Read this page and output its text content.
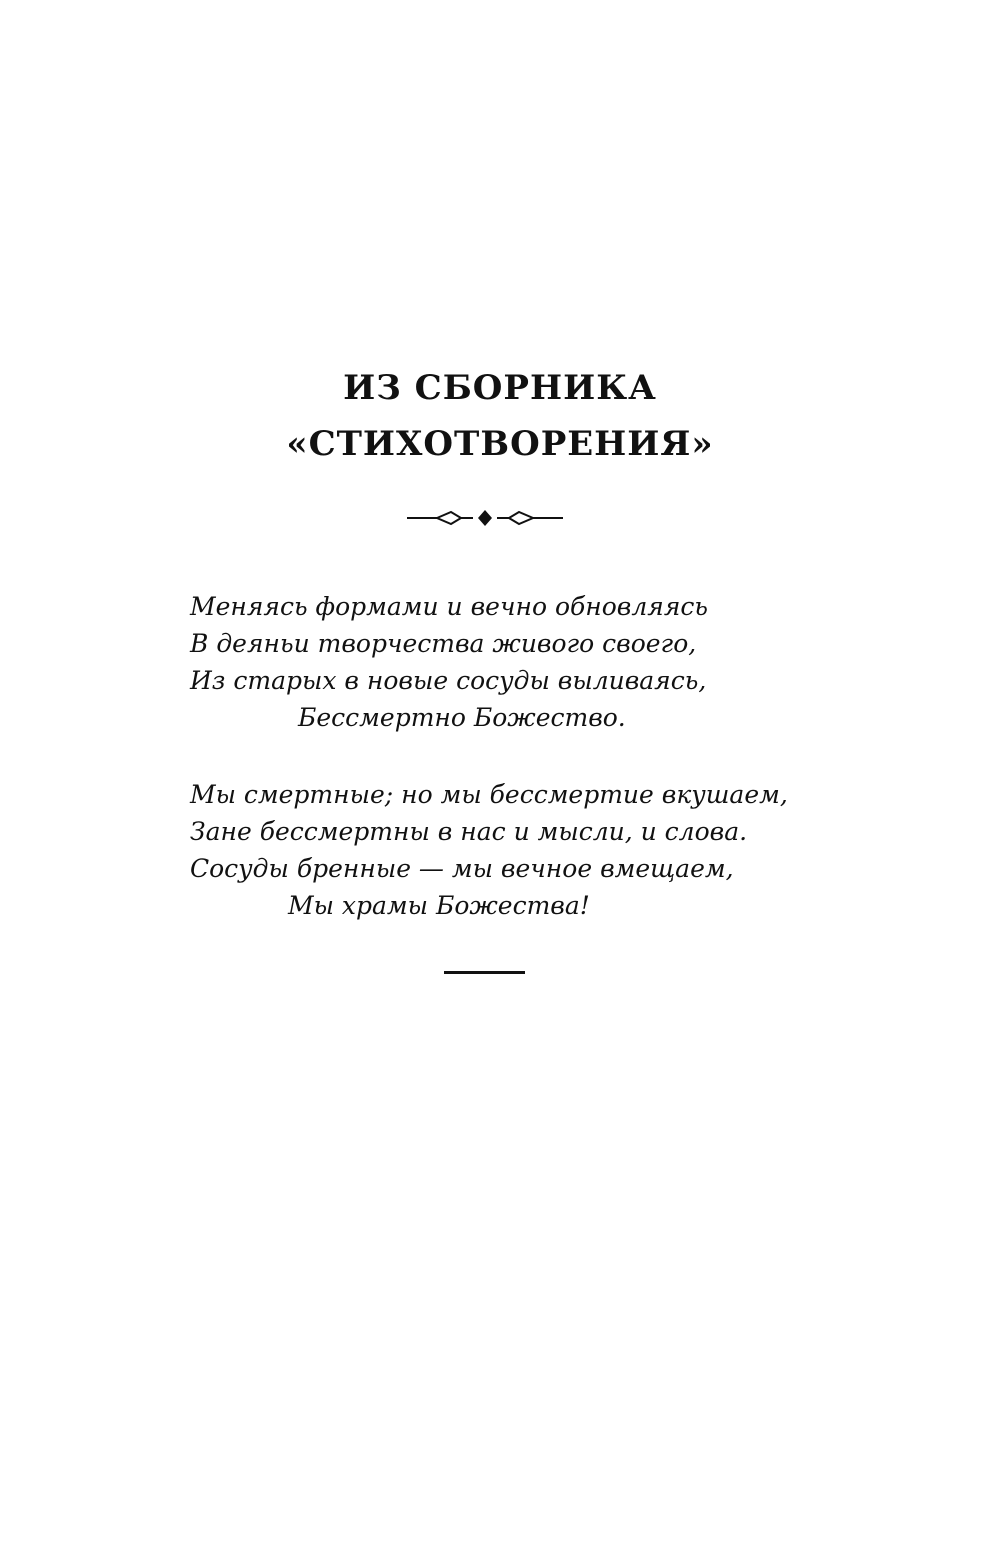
ИЗ СБОРНИКА
«СТИХОТВОРЕНИЯ»
Меняясь формами и вечно обновляясь
В деяньи творчества живого своего,
Из старых в новые сосуды выливаясь,
Бессмертно Божество.
Мы смертные; но мы бессмертие вкушаем,
Зане бессмертны в нас и мысли, и слова.
Сосуды бренные — мы вечное вмещаем,
Мы храмы Божества!
